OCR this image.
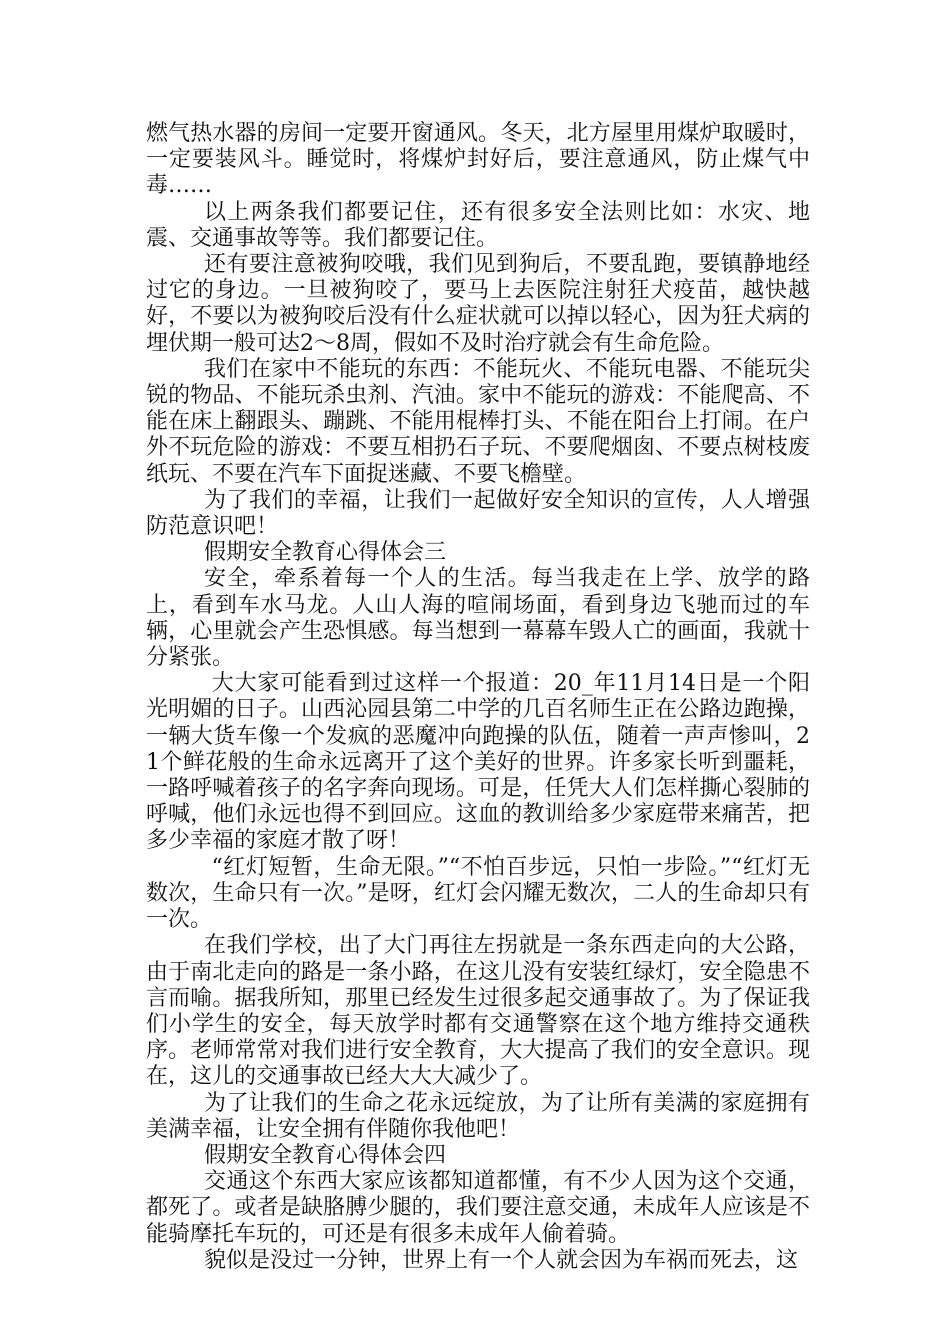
燃气热水器的房间一定要开窗通风。冬天，北方屋里用煤炉取暖时，一定要装风斗。睡觉时，将煤炉封好后，要注意通风，防止煤气中毒……

以上两条我们都要记住，还有很多安全法则比如：水灾、地震、交通事故等等。我们都要记住。

还有要注意被狗咬哦，我们见到狗后，不要乱跑，要镇静地经过它的身边。一旦被狗咬了，要马上去医院注射狂犬疫苗，越快越好，不要以为被狗咬后没有什么症状就可以掉以轻心，因为狂犬病的埋伏期一般可达2～8周，假如不及时治疗就会有生命危险。

我们在家中不能玩的东西：不能玩火、不能玩电器、不能玩尖锐的物品、不能玩杀虫剂、汽油。家中不能玩的游戏：不能爬高、不能在床上翻跟头、蹦跳、不能用棍棒打头、不能在阳台上打闹。在户外不玩危险的游戏：不要互相扔石子玩、不要爬烟囱、不要点树枝废纸玩、不要在汽车下面捉迷藏、不要飞檐壁。

为了我们的幸福，让我们一起做好安全知识的宣传，人人增强防范意识吧！

假期安全教育心得体会三

安全，牵系着每一个人的生活。每当我走在上学、放学的路上，看到车水马龙。人山人海的喧闹场面，看到身边飞驰而过的车辆，心里就会产生恐惧感。每当想到一幕幕车毁人亡的画面，我就十分紧张。

大大家可能看到过这样一个报道：20_年11月14日是一个阳光明媚的日子。山西沁园县第二中学的几百名师生正在公路边跑操，一辆大货车像一个发疯的恶魔冲向跑操的队伍，随着一声声惨叫，21个鲜花般的生命永远离开了这个美好的世界。许多家长听到噩耗，一路呼喊着孩子的名字奔向现场。可是，任凭大人们怎样撕心裂肺的呼喊，他们永远也得不到回应。这血的教训给多少家庭带来痛苦，把多少幸福的家庭才散了呀！

“红灯短暂，生命无限。”“不怕百步远，只怕一步险。”“红灯无数次，生命只有一次。”是呀，红灯会闪耀无数次，二人的生命却只有一次。

在我们学校，出了大门再往左拐就是一条东西走向的大公路，由于南北走向的路是一条小路，在这儿没有安装红绿灯，安全隐患不言而喻。据我所知，那里已经发生过很多起交通事故了。为了保证我们小学生的安全，每天放学时都有交通警察在这个地方维持交通秩序。老师常常对我们进行安全教育，大大提高了我们的安全意识。现在，这儿的交通事故已经大大大减少了。

为了让我们的生命之花永远绽放，为了让所有美满的家庭拥有美满幸福，让安全拥有伴随你我他吧！

假期安全教育心得体会四

交通这个东西大家应该都知道都懂，有不少人因为这个交通，都死了。或者是缺胳膊少腿的，我们要注意交通，未成年人应该是不能骑摩托车玩的，可还是有很多未成年人偷着骑。

貌似是没过一分钟，世界上有一个人就会因为车祸而死去，这
